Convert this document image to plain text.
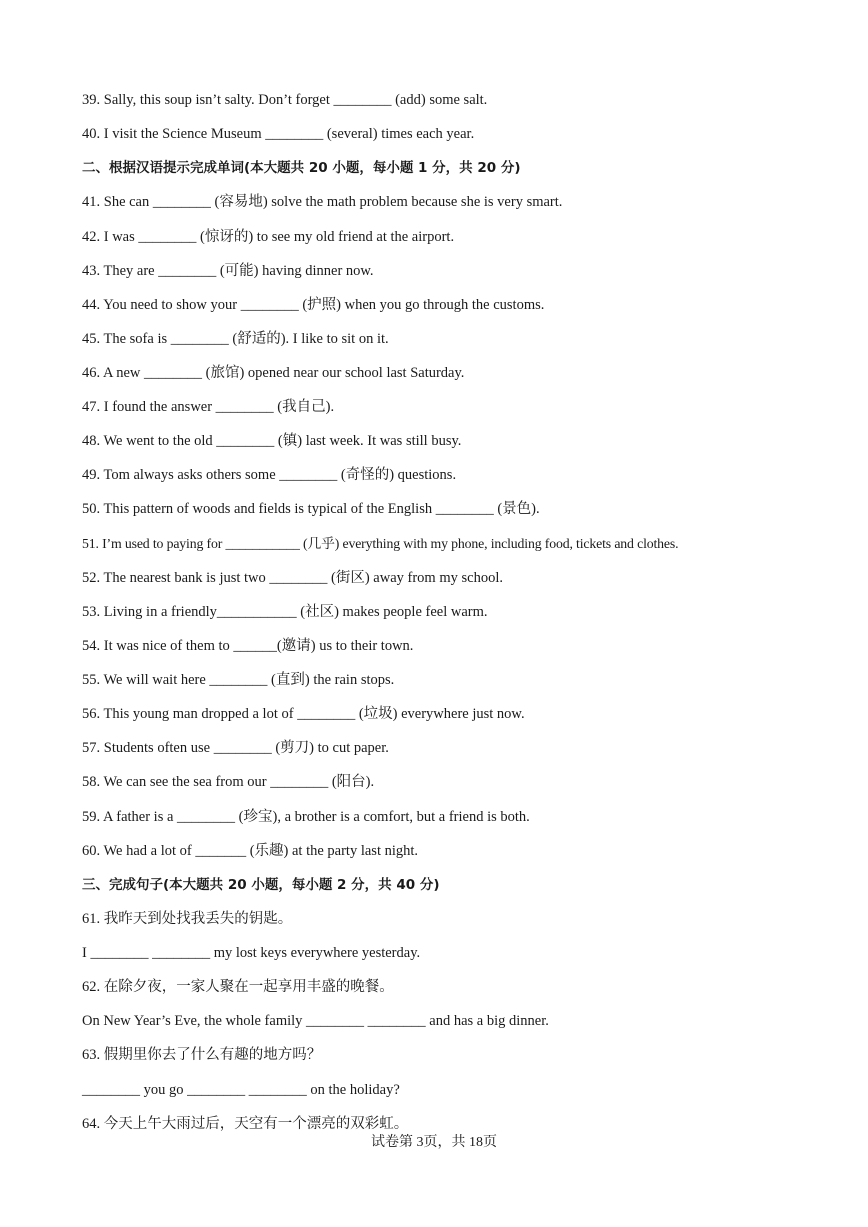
39. Sally, this soup isn’t salty. Don’t forget ________ (add) some salt.
40. I visit the Science Museum ________ (several) times each year.
二、根据汉语提示完成单词(本大题共 20 小题，每小题 1 分，共 20 分)
41. She can ________ (容易地) solve the math problem because she is very smart.
42. I was ________ (惊讶的) to see my old friend at the airport.
43. They are ________ (可能) having dinner now.
44. You need to show your ________ (护照) when you go through the customs.
45. The sofa is ________ (舒适的). I like to sit on it.
46. A new ________ (旅馆) opened near our school last Saturday.
47. I found the answer ________ (我自己).
48. We went to the old ________ (镇) last week. It was still busy.
49. Tom always asks others some ________ (奇怪的) questions.
50. This pattern of woods and fields is typical of the English ________ (景色).
51. I’m used to paying for ___________ (几乎) everything with my phone, including food, tickets and clothes.
52. The nearest bank is just two ________ (街区) away from my school.
53. Living in a friendly___________ (社区) makes people feel warm.
54. It was nice of them to ______(邀请) us to their town.
55. We will wait here ________ (直到) the rain stops.
56. This young man dropped a lot of ________ (垃圾) everywhere just now.
57. Students often use ________ (剪刀) to cut paper.
58. We can see the sea from our ________ (阳台).
59. A father is a ________ (珍宝), a brother is a comfort, but a friend is both.
60. We had a lot of _______ (乐趣) at the party last night.
三、完成句子(本大题共 20 小题，每小题 2 分，共 40 分)
61. 我昨天到处找我丢失的钥匙。
I ________ ________ my lost keys everywhere yesterday.
62. 在除夕夜，一家人聚在一起享用丰盛的晚餐。
On New Year’s Eve, the whole family ________ ________ and has a big dinner.
63. 假期里你去了什么有趣的地方吗？
________ you go ________ ________ on the holiday?
64. 今天上午大雨过后，天空有一个漂亮的双彩虹。
试卷第 3页，共 18页
